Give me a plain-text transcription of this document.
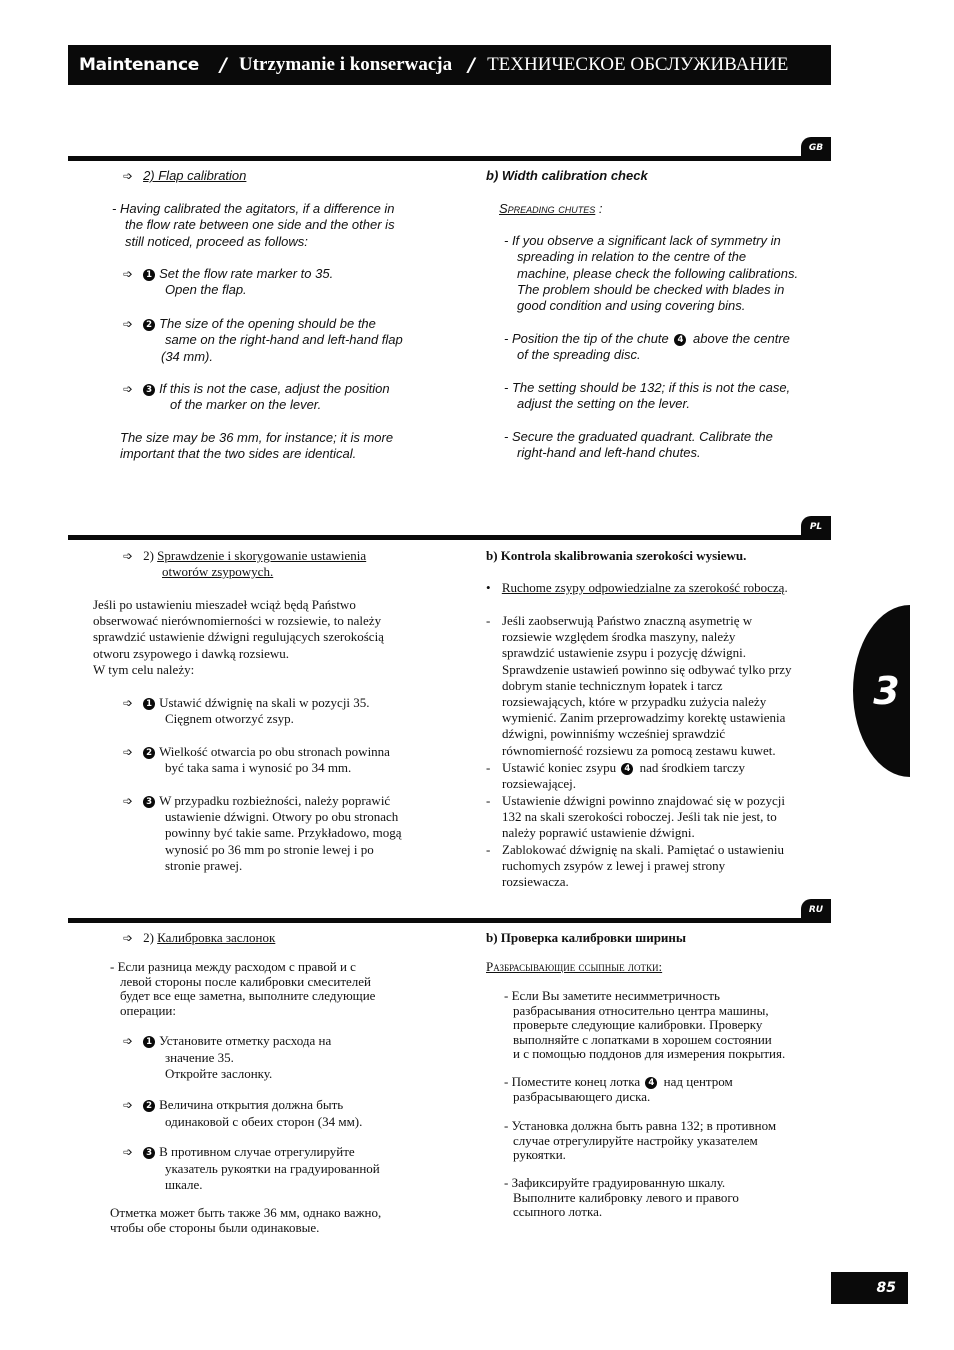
Maintenance / Utrzymanie i konserwacja / ТЕХНИЧЕСКОЕ ОБСЛУЖИВАНИЕ
3
85
GB
➩ 2) Flap calibration
- Having calibrated the agitators, if a difference in
the flow rate between one side and the other is
still noticed, proceed as follows:
➩ 1 Set the flow rate marker to 35.
Open the flap.
➩ 2 The size of the opening should be the
same on the right-hand and left-hand flap
(34 mm).
➩ 3 If this is not the case, adjust the position
of the marker on the lever.
The size may be 36 mm, for instance; it is more
important that the two sides are identical.
b) Width calibration check
Spreading chutes :
- If you observe a significant lack of symmetry in
spreading in relation to the centre of the
machine, please check the following calibrations.
The problem should be checked with blades in
good condition and using covering bins.
- Position the tip of the chute 4 above the centre
of the spreading disc.
- The setting should be 132; if this is not the case,
adjust the setting on the lever.
- Secure the graduated quadrant. Calibrate the
right-hand and left-hand chutes.
PL
➩ 2) Sprawdzenie i skorygowanie ustawienia
otworów zsypowych.
Jeśli po ustawieniu mieszadeł wciąż będą Państwo
obserwować nierównomierności w rozsiewie, to należy
sprawdzić ustawienie dźwigni regulujących szerokością
otworu zsypowego i dawką rozsiewu.
W tym celu należy:
➩ 1 Ustawić dźwignię na skali w pozycji 35.
Cięgnem otworzyć zsyp.
➩ 2 Wielkość otwarcia po obu stronach powinna
być taka sama i wynosić po 34 mm.
➩ 3 W przypadku rozbieżności, należy poprawić
ustawienie dźwigni. Otwory po obu stronach
powinny być takie same. Przykładowo, mogą
wynosić po 36 mm po stronie lewej i po
stronie prawej.
b) Kontrola skalibrowania szerokości wysiewu.
• Ruchome zsypy odpowiedzialne za szerokość roboczą.
- Jeśli zaobserwują Państwo znaczną asymetrię w
rozsiewie względem środka maszyny, należy
sprawdzić ustawienie zsypu i pozycję dźwigni.
Sprawdzenie ustawień powinno się odbywać tylko przy
dobrym stanie technicznym łopatek i tarcz
rozsiewających, które w przypadku zużycia należy
wymienić. Zanim przeprowadzimy korektę ustawienia
dźwigni, powinniśmy wcześniej sprawdzić
równomierność rozsiewu za pomocą zestawu kuwet.
- Ustawić koniec zsypu 4 nad środkiem tarczy
rozsiewającej.
- Ustawienie dźwigni powinno znajdować się w pozycji
132 na skali szerokości roboczej. Jeśli tak nie jest, to
należy poprawić ustawienie dźwigni.
- Zablokować dźwignię na skali. Pamiętać o ustawieniu
ruchomych zsypów z lewej i prawej strony
rozsiewacza.
RU
➩ 2) Калибровка заслонок
- Если разница между расходом с правой и с
левой стороны после калибровки смесителей
будет все еще заметна, выполните следующие
операции:
➩ 1 Установите отметку расхода на
значение 35.
Откройте заслонку.
➩ 2 Величина открытия должна быть
одинаковой с обеих сторон (34 мм).
➩ 3 В противном случае отрегулируйте
указатель рукоятки на градуированной
шкале.
Отметка может быть также 36 мм, однако важно,
чтобы обе стороны были одинаковые.
b) Проверка калибровки ширины
Разбрасывающие ссыпные лотки:
- Если Вы заметите несимметричность
разбрасывания относительно центра машины,
проверьте следующие калибровки. Проверку
выполняйте с лопатками в хорошем состоянии
и с помощью поддонов для измерения покрытия.
- Поместите конец лотка 4 над центром
разбрасывающего диска.
- Установка должна быть равна 132; в противном
случае отрегулируйте настройку указателем
рукоятки.
- Зафиксируйте градуированную шкалу.
Выполните калибровку левого и правого
ссыпного лотка.
